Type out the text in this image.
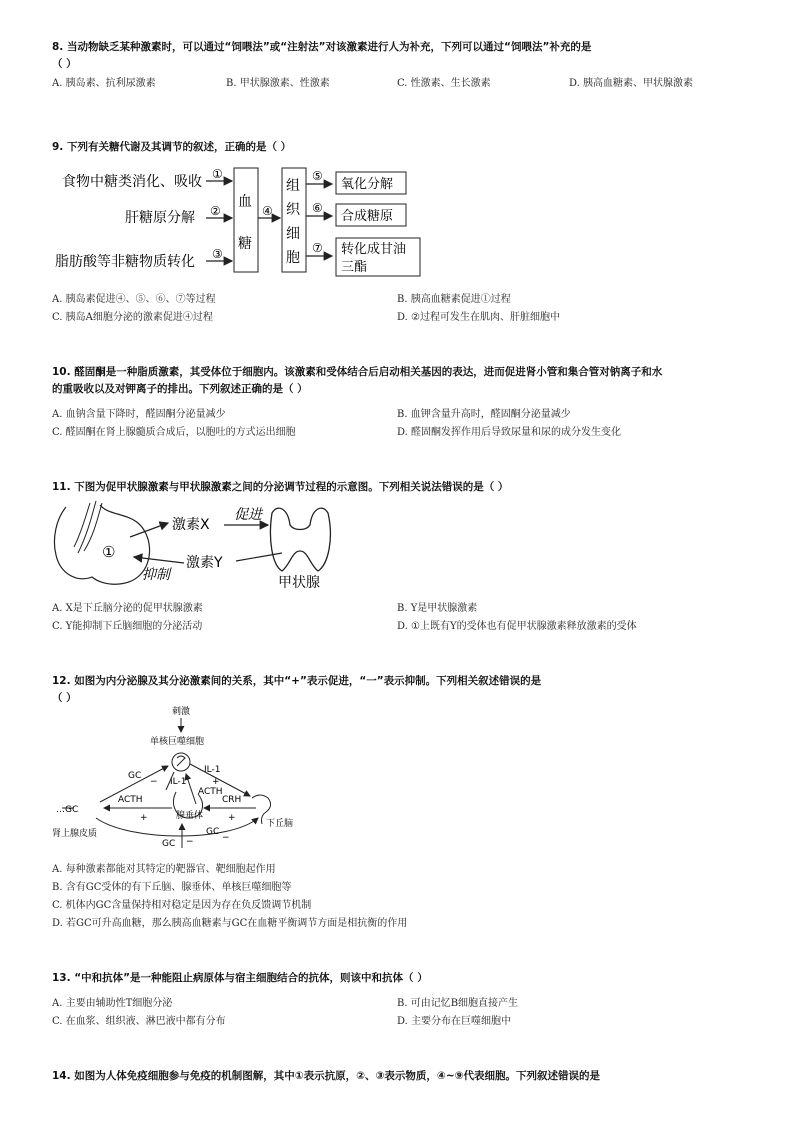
8. 当动物缺乏某种激素时，可以通过“饲喂法”或“注射法”对该激素进行人为补充，下列可以通过“饲喂法”补充的是
（ ）
A. 胰岛素、抗利尿激素	B. 甲状腺激素、性激素	C. 性激素、生长激素	D. 胰高血糖素、甲状腺激素
9. 下列有关糖代谢及其调节的叙述，正确的是（ ）
食物中糖类消化、吸收
肝糖原分解
脂肪酸等非糖物质转化
①
②
③
血
糖
④
组
织
细
胞
⑤
⑥
⑦
氧化分解
合成糖原
转化成甘油
三酯
A. 胰岛素促进④、⑤、⑥、⑦等过程	B. 胰高血糖素促进①过程
C. 胰岛A细胞分泌的激素促进④过程	D. ②过程可发生在肌肉、肝脏细胞中
10. 醛固酮是一种脂质激素，其受体位于细胞内。该激素和受体结合后启动相关基因的表达，进而促进肾小管和集合管对钠离子和水
的重吸收以及对钾离子的排出。下列叙述正确的是（ ）
A. 血钠含量下降时，醛固酮分泌量减少	B. 血钾含量升高时，醛固酮分泌量减少
C. 醛固酮在肾上腺髓质合成后，以胞吐的方式运出细胞	D. 醛固酮发挥作用后导致尿量和尿的成分发生变化
11. 下图为促甲状腺激素与甲状腺激素之间的分泌调节过程的示意图。下列相关说法错误的是（ ）
①
激素X
促进
甲状腺
激素Y
抑制
A. X是下丘脑分泌的促甲状腺激素	B. Y是甲状腺激素
C. Y能抑制下丘脑细胞的分泌活动	D. ①上既有Y的受体也有促甲状腺激素释放激素的受体
12. 如图为内分泌腺及其分泌激素间的关系，其中“+”表示促进，“一”表示抑制。下列相关叙述错误的是
（ ）
刺激
单核巨噬细胞
IL-1
IL-1
+
GC
−
ACTH
腺垂体
ACTH
+
CRH
+
下丘脑
…GC
肾上腺皮质	GC
−
GC −
A. 每种激素都能对其特定的靶器官、靶细胞起作用
B. 含有GC受体的有下丘脑、腺垂体、单核巨噬细胞等
C. 机体内GC含量保持相对稳定是因为存在负反馈调节机制
D. 若GC可升高血糖，那么胰高血糖素与GC在血糖平衡调节方面是相抗衡的作用
13. “中和抗体”是一种能阻止病原体与宿主细胞结合的抗体，则该中和抗体（ ）
A. 主要由辅助性T细胞分泌	B. 可由记忆B细胞直接产生
C. 在血浆、组织液、淋巴液中都有分布	D. 主要分布在巨噬细胞中
14. 如图为人体免疫细胞参与免疫的机制图解，其中①表示抗原，②、③表示物质，④~⑨代表细胞。下列叙述错误的是
